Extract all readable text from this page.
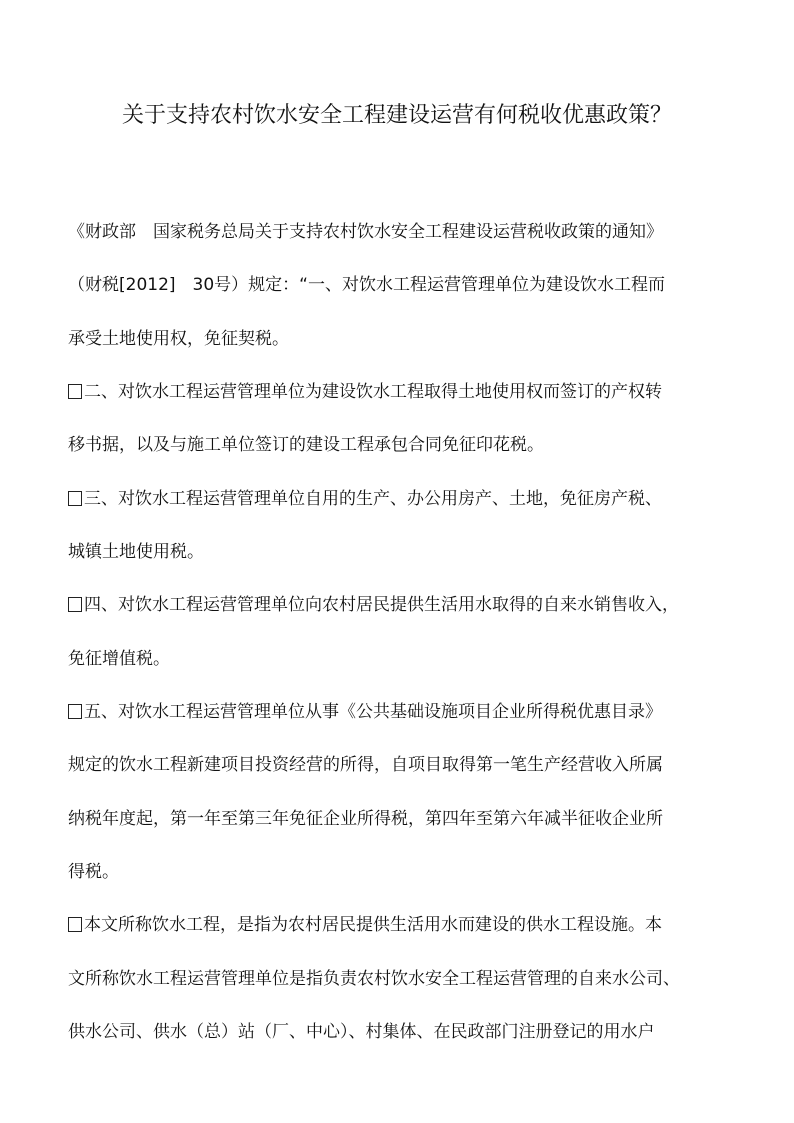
关于支持农村饮水安全工程建设运营有何税收优惠政策？
《财政部　国家税务总局关于支持农村饮水安全工程建设运营税收政策的通知》
（财税[2012]　30号）规定：“一、对饮水工程运营管理单位为建设饮水工程而
承受土地使用权，免征契税。
二、对饮水工程运营管理单位为建设饮水工程取得土地使用权而签订的产权转
移书据，以及与施工单位签订的建设工程承包合同免征印花税。
三、对饮水工程运营管理单位自用的生产、办公用房产、土地，免征房产税、
城镇土地使用税。
四、对饮水工程运营管理单位向农村居民提供生活用水取得的自来水销售收入，
免征增值税。
五、对饮水工程运营管理单位从事《公共基础设施项目企业所得税优惠目录》
规定的饮水工程新建项目投资经营的所得，自项目取得第一笔生产经营收入所属
纳税年度起，第一年至第三年免征企业所得税，第四年至第六年减半征收企业所
得税。
本文所称饮水工程，是指为农村居民提供生活用水而建设的供水工程设施。本
文所称饮水工程运营管理单位是指负责农村饮水安全工程运营管理的自来水公司、
供水公司、供水（总）站（厂、中心）、村集体、在民政部门注册登记的用水户
